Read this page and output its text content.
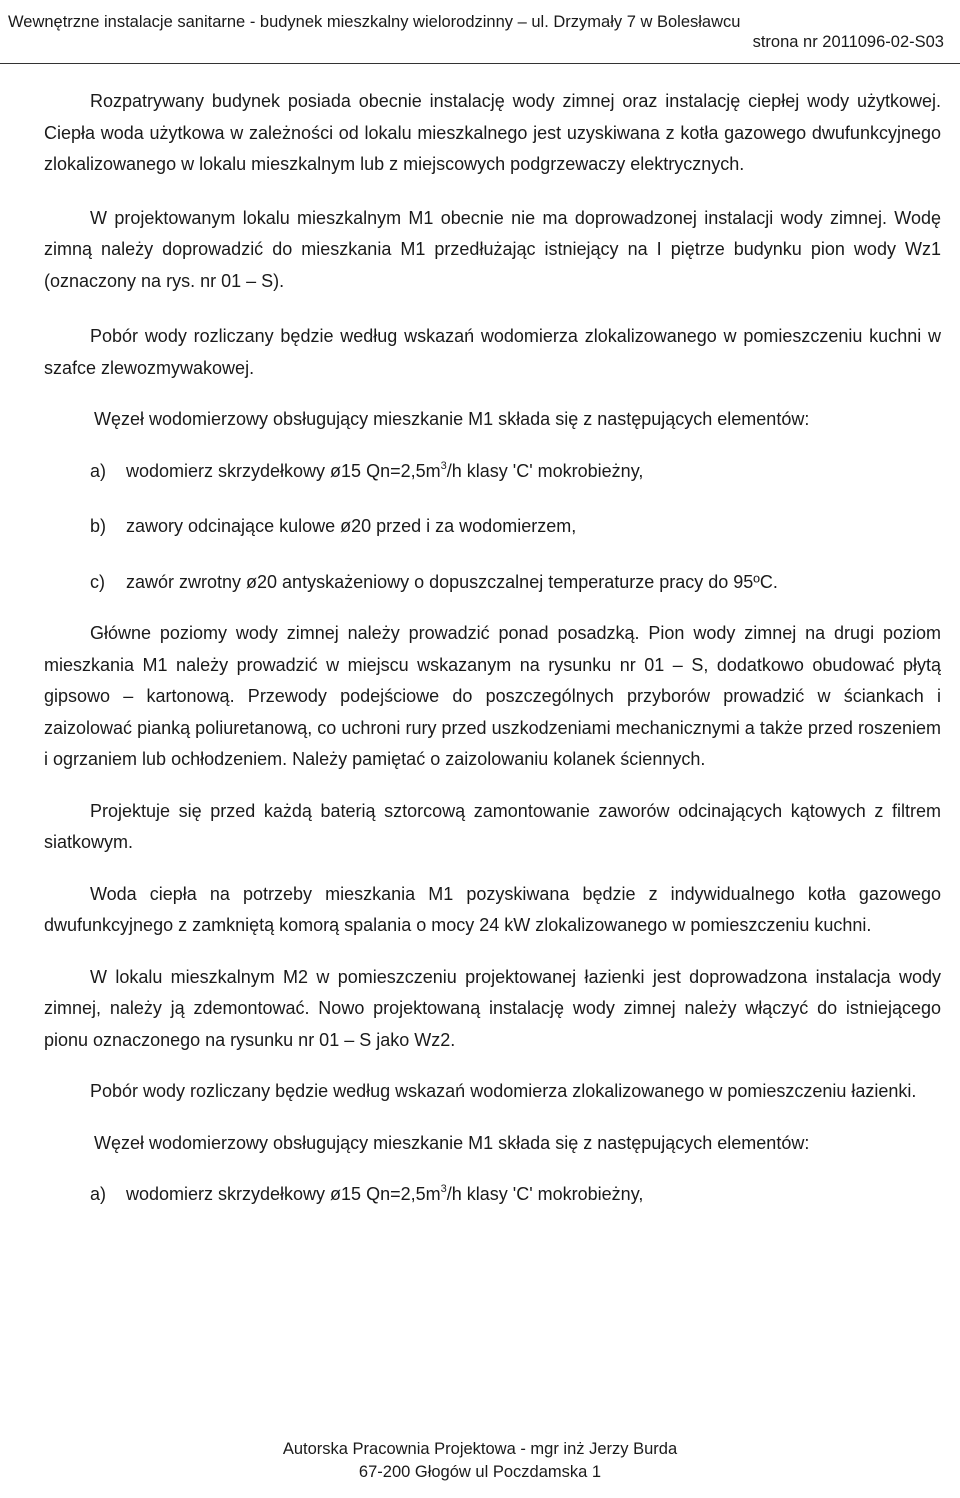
Wewnętrzne instalacje sanitarne - budynek mieszkalny wielorodzinny – ul. Drzymały 7 w Bolesławcu
strona nr 2011096-02-S03

Rozpatrywany budynek posiada obecnie instalację wody zimnej oraz instalację ciepłej wody użytkowej. Ciepła woda użytkowa w zależności od lokalu mieszkalnego jest uzyskiwana z kotła gazowego dwufunkcyjnego zlokalizowanego w lokalu mieszkalnym lub z miejscowych podgrzewaczy elektrycznych.

W projektowanym lokalu mieszkalnym M1 obecnie nie ma doprowadzonej instalacji wody zimnej. Wodę zimną należy doprowadzić do mieszkania M1 przedłużając istniejący na I piętrze budynku pion wody Wz1 (oznaczony na rys. nr 01 – S).

Pobór wody rozliczany będzie według wskazań wodomierza zlokalizowanego w pomieszczeniu kuchni w szafce zlewozmywakowej.

Węzeł wodomierzowy obsługujący mieszkanie M1 składa się z następujących elementów:

a)	wodomierz skrzydełkowy ø15 $Qn=2,5m^3/h$ klasy 'C' mokrobieżny,
b)	zawory odcinające kulowe ø20 przed i za wodomierzem,
c)	zawór zwrotny ø20 antyskażeniowy o dopuszczalnej temperaturze pracy do 95ºC.

Główne poziomy wody zimnej należy prowadzić ponad posadzką. Pion wody zimnej na drugi poziom mieszkania M1 należy prowadzić w miejscu wskazanym na rysunku nr 01 – S, dodatkowo obudować płytą gipsowo – kartonową. Przewody podejściowe do poszczególnych przyborów prowadzić w ściankach i zaizolować pianką poliuretanową, co uchroni rury przed uszkodzeniami mechanicznymi a także przed roszeniem i ogrzaniem lub ochłodzeniem. Należy pamiętać o zaizolowaniu kolanek ściennych.

Projektuje się przed każdą baterią sztorcową zamontowanie zaworów odcinających kątowych z filtrem siatkowym.

Woda ciepła na potrzeby mieszkania M1 pozyskiwana będzie z indywidualnego kotła gazowego dwufunkcyjnego z zamkniętą komorą spalania o mocy 24 kW zlokalizowanego w pomieszczeniu kuchni.

W lokalu mieszkalnym M2 w pomieszczeniu projektowanej łazienki jest doprowadzona instalacja wody zimnej, należy ją zdemontować. Nowo projektowaną instalację wody zimnej należy włączyć do istniejącego pionu oznaczonego na rysunku nr 01 – S jako Wz2.

Pobór wody rozliczany będzie według wskazań wodomierza zlokalizowanego w pomieszczeniu łazienki.

Węzeł wodomierzowy obsługujący mieszkanie M1 składa się z następujących elementów:

a)	wodomierz skrzydełkowy ø15 $Qn=2,5m^3/h$ klasy 'C' mokrobieżny,
Autorska Pracownia Projektowa - mgr inż Jerzy Burda
67-200 Głogów ul Poczdamska 1
